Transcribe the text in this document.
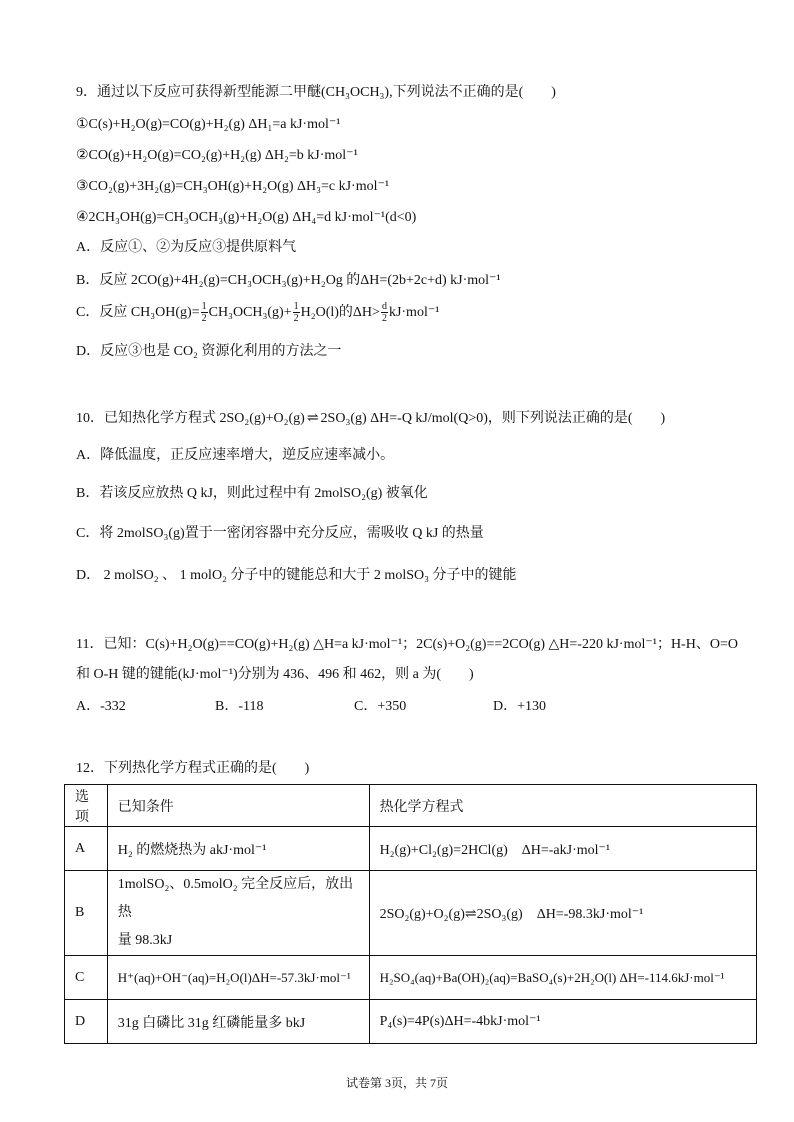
9．通过以下反应可获得新型能源二甲醚(CH₃OCH₃),下列说法不正确的是(　　)
①C(s)+H₂O(g)=CO(g)+H₂(g) ΔH₁=a kJ·mol⁻¹
②CO(g)+H₂O(g)=CO₂(g)+H₂(g) ΔH₂=b kJ·mol⁻¹
③CO₂(g)+3H₂(g)=CH₃OH(g)+H₂O(g) ΔH₃=c kJ·mol⁻¹
④2CH₃OH(g)=CH₃OCH₃(g)+H₂O(g) ΔH₄=d kJ·mol⁻¹(d<0)
A．反应①、②为反应③提供原料气
B．反应 2CO(g)+4H₂(g)=CH₃OCH₃(g)+H₂Og 的ΔH=(2b+2c+d) kJ·mol⁻¹
C．反应 $CH_3OH(g)= \frac{1}{2} CH_3OCH_3(g)+ \frac{1}{2} H_2O(l)$的$\Delta H> \frac{d}{2} kJ\cdot mol^{-1}$
D．反应③也是 CO₂ 资源化利用的方法之一
10．已知热化学方程式 2SO₂(g)+O₂(g) ⇌ 2SO₃(g) ΔH=-Q kJ/mol(Q>0)，则下列说法正确的是(　　)
A．降低温度，正反应速率增大，逆反应速率减小。
B．若该反应放热 Q kJ，则此过程中有 2molSO₂(g) 被氧化
C．将 2molSO₃(g)置于一密闭容器中充分反应，需吸收 Q kJ 的热量
D． 2 molSO₂ 、 1 molO₂ 分子中的键能总和大于 2 molSO₃ 分子中的键能
11．已知：C(s)+H₂O(g)==CO(g)+H₂(g) △H=a kJ·mol⁻¹；2C(s)+O₂(g)==2CO(g) △H=-220 kJ·mol⁻¹；H-H、O=O
和 O-H 键的键能(kJ·mol⁻¹)分别为 436、496 和 462，则 a 为(　　)
A．-332	B．-118	C．+350	D．+130
12．下列热化学方程式正确的是(　　)
选项	已知条件	热化学方程式
A	H₂ 的燃烧热为 akJ·mol⁻¹	H₂(g)+Cl₂(g)=2HCl(g)　ΔH=-akJ·mol⁻¹
B	1molSO₂、0.5molO₂ 完全反应后，放出热
量 98.3kJ	2SO₂(g)+O₂(g)⇌2SO₃(g)　ΔH=-98.3kJ·mol⁻¹
C	H⁺(aq)+OH⁻(aq)=H₂O(l)ΔH=-57.3kJ·mol⁻¹	H₂SO₄(aq)+Ba(OH)₂(aq)=BaSO₄(s)+2H₂O(l) ΔH=-114.6kJ·mol⁻¹
D	31g 白磷比 31g 红磷能量多 bkJ	P₄(s)=4P(s)ΔH=-4bkJ·mol⁻¹
试卷第 3页，共 7页
